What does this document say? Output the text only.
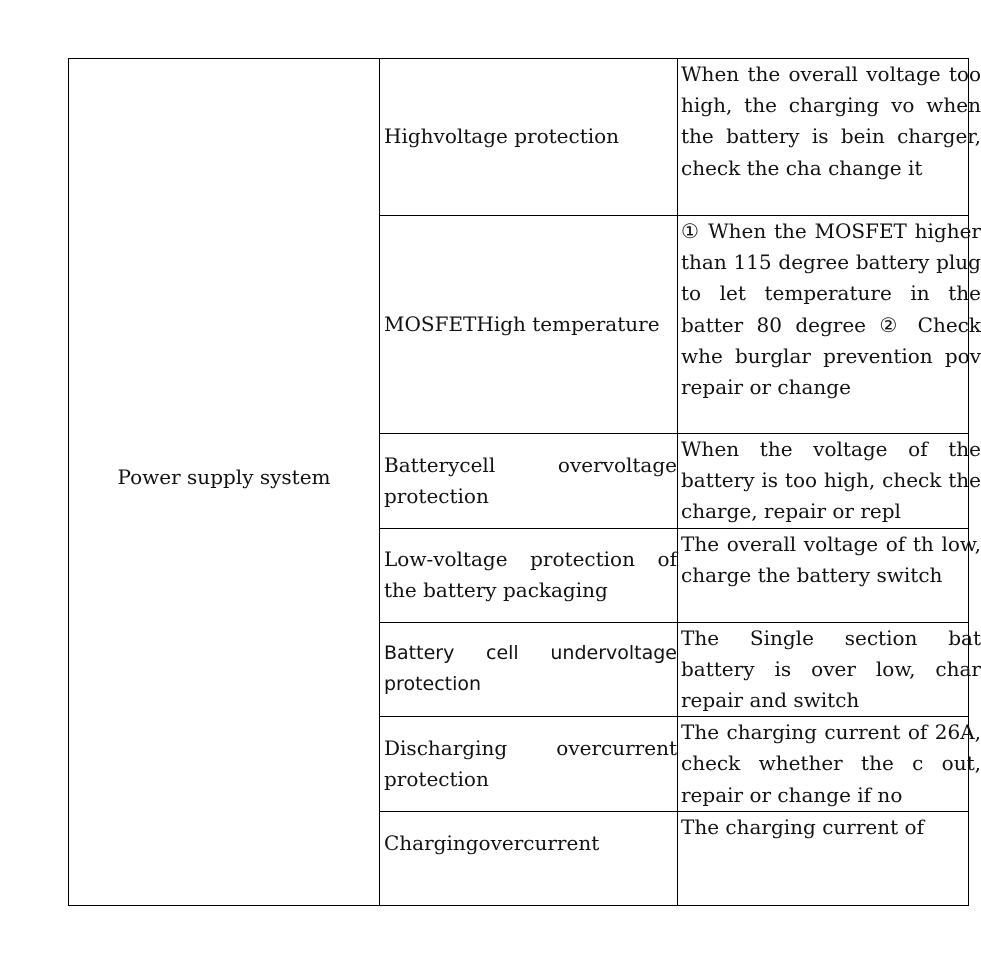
Power supply system	Highvoltage protection	When the overall voltage too high, the charging vo when the battery is bein charger, check the cha change it

	MOSFETHigh temperature	① When the MOSFET higher than 115 degree battery plug to let temperature in the batter 80 degree ② Check whe burglar prevention pov repair or change

	Batterycell overvoltage protection	When the voltage of the battery is too high, check the charge, repair or repl

	Low-voltage protection of the battery packaging	The overall voltage of th low, charge the battery switch

	Battery cell undervoltage protection	The Single section bat battery is over low, char repair and switch

	Discharging overcurrent protection	The charging current of 26A, check whether the c out, repair or change if no

	Chargingovercurrent	The charging current of
